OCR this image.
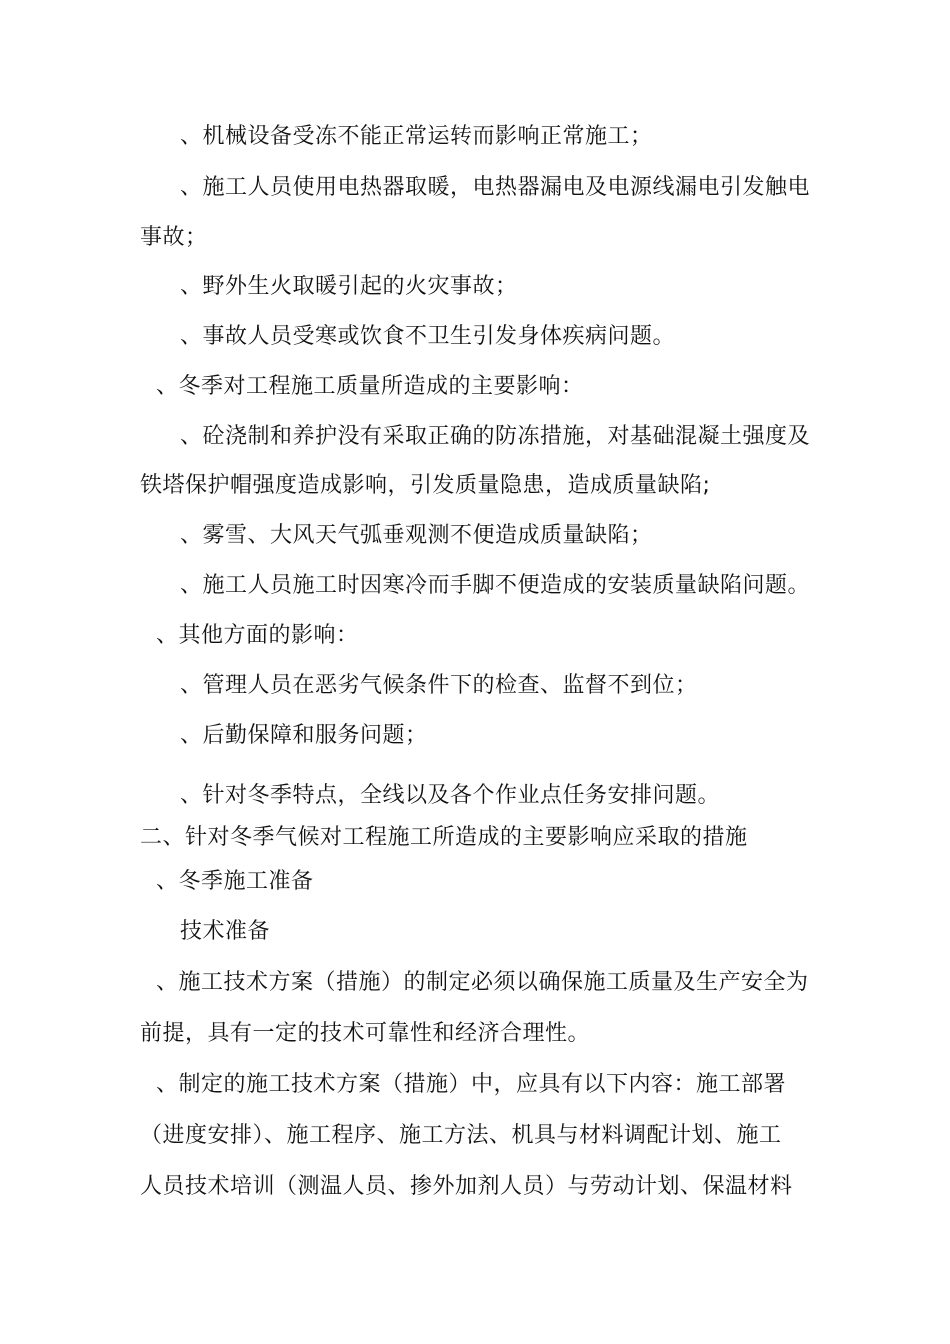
、机械设备受冻不能正常运转而影响正常施工；
、施工人员使用电热器取暖，电热器漏电及电源线漏电引发触电
事故；
、野外生火取暖引起的火灾事故；
、事故人员受寒或饮食不卫生引发身体疾病问题。
、冬季对工程施工质量所造成的主要影响：
、砼浇制和养护没有采取正确的防冻措施，对基础混凝土强度及
铁塔保护帽强度造成影响，引发质量隐患，造成质量缺陷;
、雾雪、大风天气弧垂观测不便造成质量缺陷；
、施工人员施工时因寒冷而手脚不便造成的安装质量缺陷问题。
、其他方面的影响：
、管理人员在恶劣气候条件下的检查、监督不到位；
、后勤保障和服务问题；
、针对冬季特点，全线以及各个作业点任务安排问题。
二、针对冬季气候对工程施工所造成的主要影响应采取的措施
、冬季施工准备
技术准备
、施工技术方案（措施）的制定必须以确保施工质量及生产安全为
前提，具有一定的技术可靠性和经济合理性。
、制定的施工技术方案（措施）中，应具有以下内容：施工部署
（进度安排）、施工程序、施工方法、机具与材料调配计划、施工
人员技术培训（测温人员、掺外加剂人员）与劳动计划、保温材料
